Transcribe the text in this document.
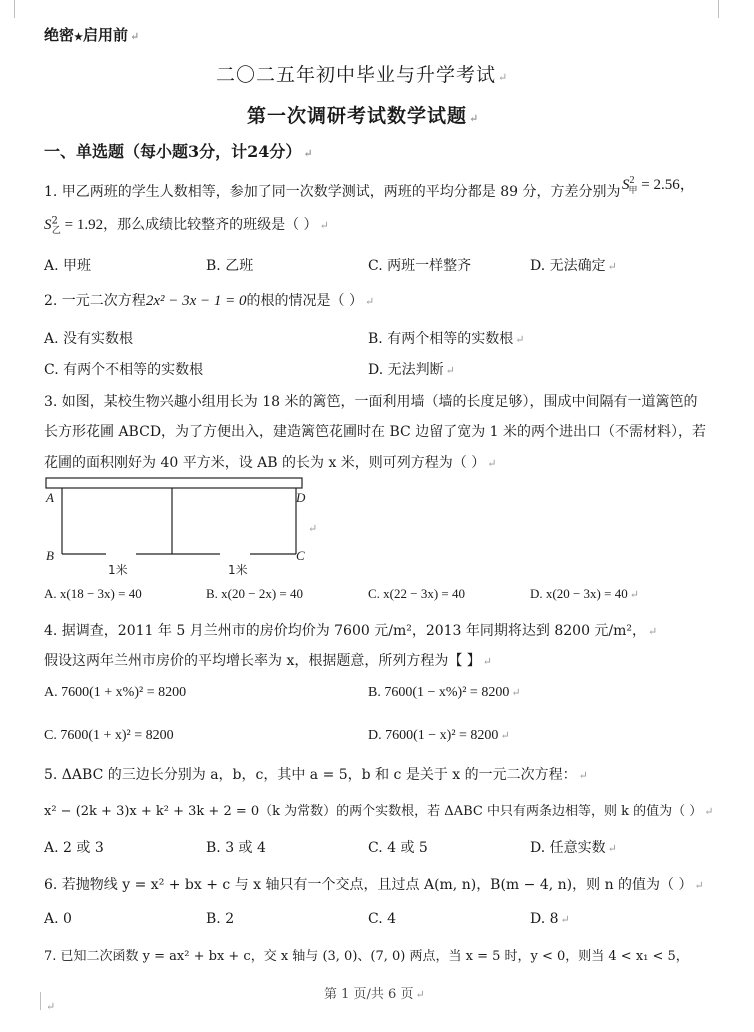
绝密★启用前 ↵
二〇二五年初中毕业与升学考试 ↵
第一次调研考试数学试题 ↵
一、单选题（每小题3分，计24分） ↵
1. 甲乙两班的学生人数相等，参加了同一次数学测试，两班的平均分都是 89 分，方差分别为 $S^2_甲 = 2.56$，
$S^2_乙 = 1.92$，那么成绩比较整齐的班级是（ ） ↵
A. 甲班	B. 乙班	C. 两班一样整齐	D. 无法确定 ↵
2. 一元二次方程2x² − 3x − 1 = 0的根的情况是（ ） ↵
A. 没有实数根	B. 有两个相等的实数根 ↵
C. 有两个不相等的实数根	D. 无法判断 ↵
3. 如图，某校生物兴趣小组用长为 18 米的篱笆，一面利用墙（墙的长度足够），围成中间隔有一道篱笆的
长方形花圃 ABCD，为了方便出入，建造篱笆花圃时在 BC 边留了宽为 1 米的两个进出口（不需材料），若
花圃的面积刚好为 40 平方米，设 AB 的长为 x 米，则可列方程为（ ） ↵
A
B
D
C
1米	1米
↵
A. x(18 − 3x) = 40	B. x(20 − 2x) = 40	C. x(22 − 3x) = 40	D. x(20 − 3x) = 40 ↵
4. 据调查，2011 年 5 月兰州市的房价均价为 7600 元/m²，2013 年同期将达到 8200 元/m²， ↵
假设这两年兰州市房价的平均增长率为 x，根据题意，所列方程为【 】 ↵
A. 7600(1 + x%)² = 8200	B. 7600(1 − x%)² = 8200 ↵
C. 7600(1 + x)² = 8200	D. 7600(1 − x)² = 8200 ↵
5. ΔABC 的三边长分别为 a，b，c，其中 a = 5，b 和 c 是关于 x 的一元二次方程： ↵
x² − (2k + 3)x + k² + 3k + 2 = 0（k 为常数）的两个实数根，若 ΔABC 中只有两条边相等，则 k 的值为（ ） ↵
A. 2 或 3	B. 3 或 4	C. 4 或 5	D. 任意实数 ↵
6. 若抛物线 y = x² + bx + c 与 x 轴只有一个交点，且过点 A(m, n)，B(m − 4, n)，则 n 的值为（ ） ↵
A. 0	B. 2	C. 4	D. 8 ↵
7. 已知二次函数 y = ax² + bx + c，交 x 轴与 (3, 0)、(7, 0) 两点，当 x = 5 时，y < 0，则当 4 < x₁ < 5，
第 1 页/共 6 页 ↵
↵
